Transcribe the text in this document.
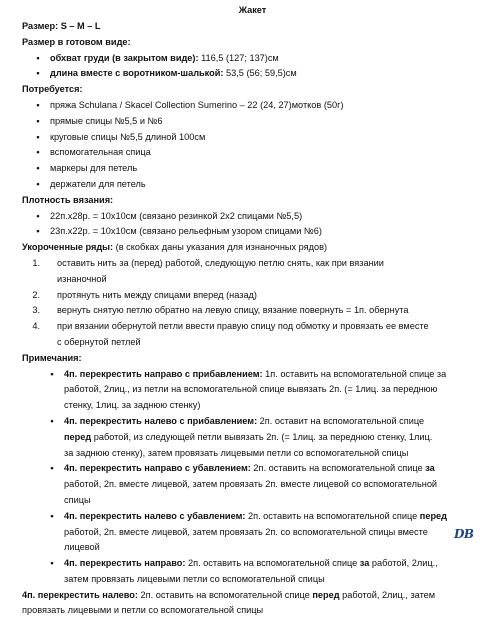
Жакет
Размер: S – M – L
Размер в готовом виде:
• обхват груди (в закрытом виде): 116,5 (127; 137)см
• длина вместе с воротником-шалькой: 53,5 (56; 59,5)см
Потребуется:
• пряжа Schulana / Skacel Collection Sumerino – 22 (24, 27)мотков (50г)
• прямые спицы №5,5 и №6
• круговые спицы №5,5 длиной 100см
• вспомогательная спица
• маркеры для петель
• держатели для петель
Плотность вязания:
• 22п.х28р. = 10х10см (связано резинкой 2х2 спицами №5,5)
• 23п.х22р. = 10х10см (связано рельефным узором спицами №6)
Укороченные ряды: (в скобках даны указания для изнаночных рядов)
1. оставить нить за (перед) работой, следующую петлю снять, как при вязании
изнаночной
2. протянуть нить между спицами вперед (назад)
3. вернуть снятую петлю обратно на левую спицу, вязание повернуть = 1п. обернута
4. при вязании обернутой петли ввести правую спицу под обмотку и провязать ее вместе
с обернутой петлей
Примечания:
• 4п. перекрестить направо с прибавлением: 1п. оставить на вспомогательной спице за
работой, 2лиц., из петли на вспомогательной спице вывязать 2п. (= 1лиц. за переднюю
стенку, 1лиц. за заднюю стенку)
• 4п. перекрестить налево с прибавлением: 2п. оставит на вспомогательной спице
перед работой, из следующей петли вывязать 2п. (= 1лиц. за переднюю стенку, 1лиц.
за заднюю стенку), затем провязать лицевыми петли со вспомогательной спицы
• 4п. перекрестить направо с убавлением: 2п. оставить на вспомогательной спице за
работой, 2п. вместе лицевой, затем провязать 2п. вместе лицевой со вспомогательной
спицы
• 4п. перекрестить налево с убавлением: 2п. оставить на вспомогательной спице перед
работой, 2п. вместе лицевой, затем провязать 2п. со вспомогательной спицы вместе
лицевой
• 4п. перекрестить направо: 2п. оставить на вспомогательной спице за работой, 2лиц.,
затем провязать лицевыми петли со вспомогательной спицы
4п. перекрестить налево: 2п. оставить на вспомогательной спице перед работой, 2лиц., затем
провязать лицевыми и петли со вспомогательной спицы
DB
